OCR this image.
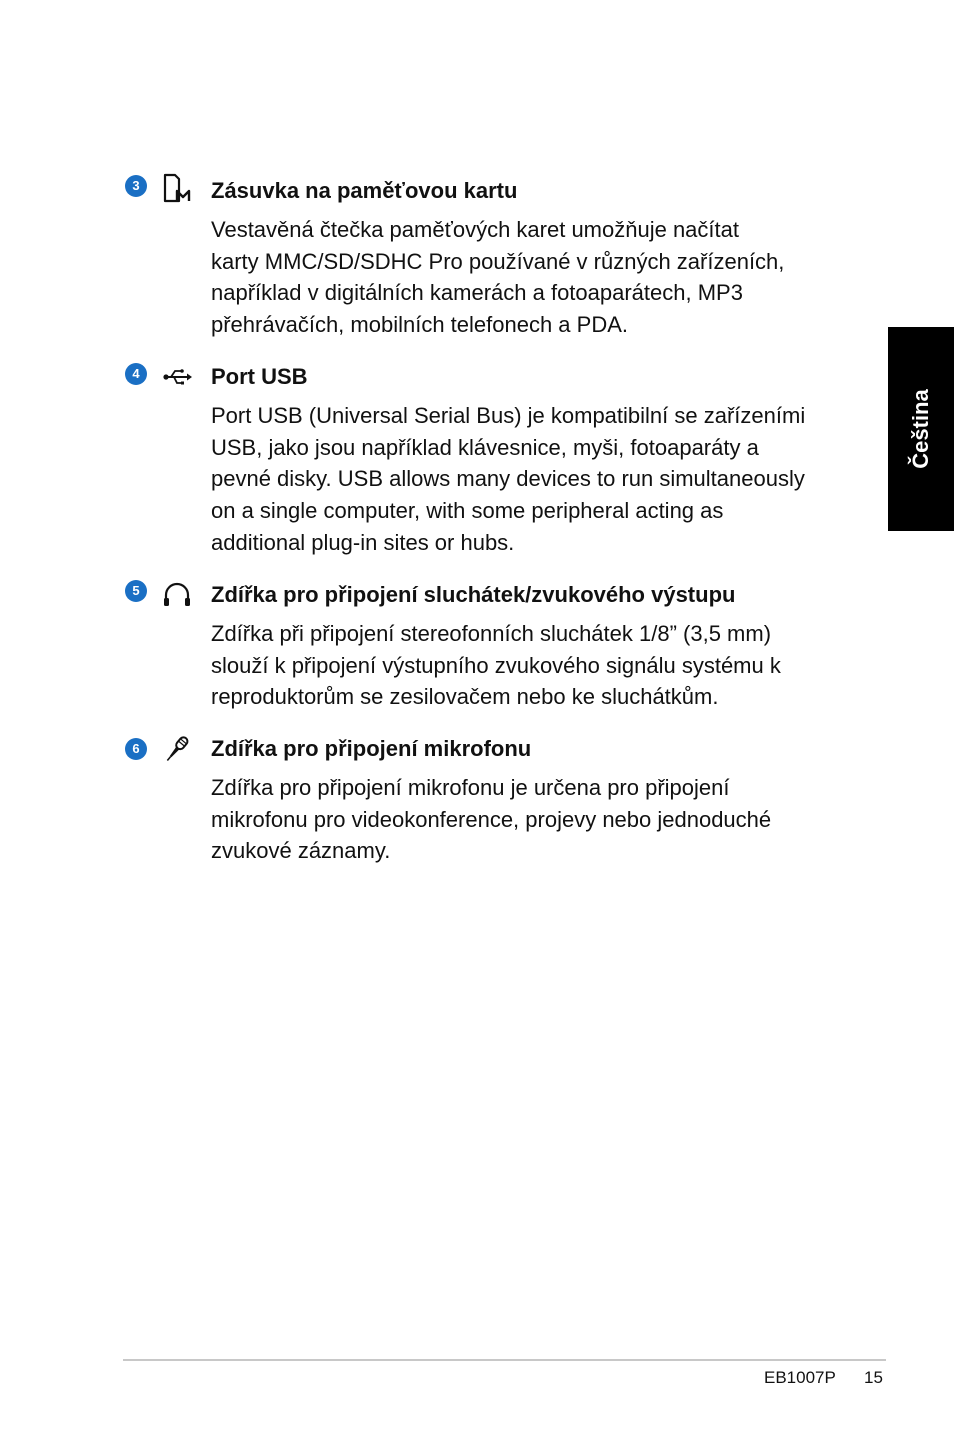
3	Zásuvka na paměťovou kartu

Vestavěná čtečka paměťových karet umožňuje načítat
karty MMC/SD/SDHC Pro používané v různých zařízeních,
například v digitálních kamerách a fotoaparátech, MP3
přehrávačích, mobilních telefonech a PDA.

4	Port USB

Port USB (Universal Serial Bus) je kompatibilní se zařízeními
USB, jako jsou například klávesnice, myši, fotoaparáty a
pevné disky. USB allows many devices to run simultaneously
on a single computer, with some peripheral acting as
additional plug-in sites or hubs.

5	Zdířka pro připojení sluchátek/zvukového výstupu

Zdířka při připojení stereofonních sluchátek 1/8” (3,5 mm)
slouží k připojení výstupního zvukového signálu systému k
reproduktorům se zesilovačem nebo ke sluchátkům.

6	Zdířka pro připojení mikrofonu

Zdířka pro připojení mikrofonu je určena pro připojení
mikrofonu pro videokonference, projevy nebo jednoduché
zvukové záznamy.

Čeština
EB1007P 15
